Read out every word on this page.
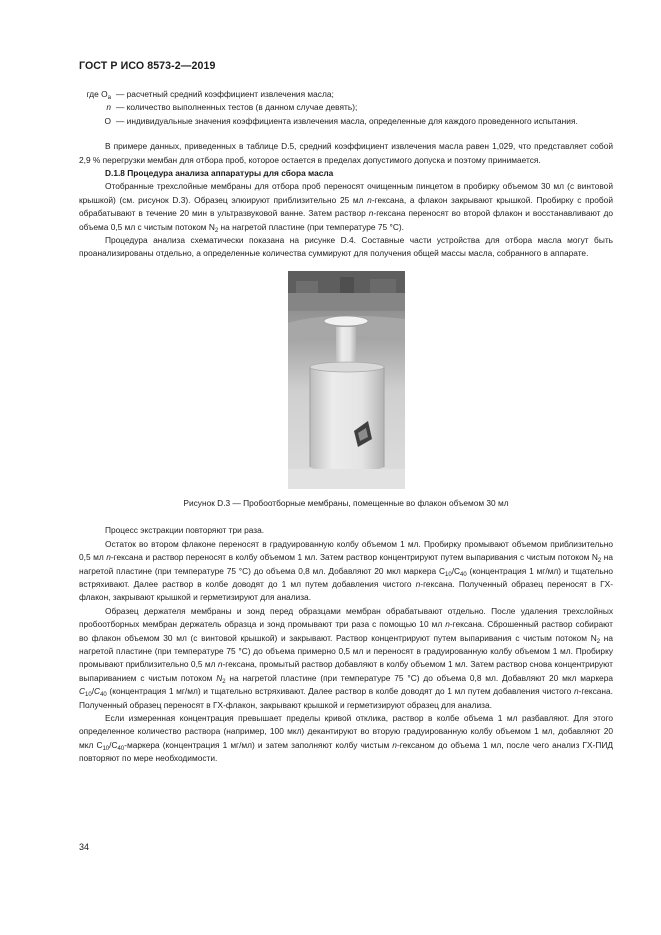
ГОСТ Р ИСО 8573-2—2019
где $O_a$ — расчетный средний коэффициент извлечения масла;
n — количество выполненных тестов (в данном случае девять);
O — индивидуальные значения коэффициента извлечения масла, определенные для каждого проведенного испытания.

В примере данных, приведенных в таблице D.5, средний коэффициент извлечения масла равен 1,029, что представляет собой 2,9 % перегрузки мембан для отбора проб, которое остается в пределах допустимого допуска и поэтому принимается.

D.1.8 Процедура анализа аппаратуры для сбора масла

Отобранные трехслойные мембраны для отбора проб переносят очищенным пинцетом в пробирку объемом 30 мл (с винтовой крышкой) (см. рисунок D.3). Образец элюируют приблизительно 25 мл n-гексана, а флакон закрывают крышкой. Пробирку с пробой обрабатывают в течение 20 мин в ультразвуковой ванне. Затем раствор n-гексана переносят во второй флакон и восстанавливают до объема 0,5 мл с чистым потоком $N_2$ на нагретой пластине (при температуре 75 °С).

Процедура анализа схематически показана на рисунке D.4. Составные части устройства для отбора масла могут быть проанализированы отдельно, а определенные количества суммируют для получения общей массы масла, собранного в аппарате.

Рисунок D.3 — Пробоотборные мембраны, помещенные во флакон объемом 30 мл

Процесс экстракции повторяют три раза.

Остаток во втором флаконе переносят в градуированную колбу объемом 1 мл. Пробирку промывают объемом приблизительно 0,5 мл n-гексана и раствор переносят в колбу объемом 1 мл. Затем раствор концентрируют путем выпаривания с чистым потоком $N_2$ на нагретой пластине (при температуре 75 °С) до объема 0,8 мл. Добавляют 20 мкл маркера $C_{10}/C_{40}$ (концентрация 1 мг/мл) и тщательно встряхивают. Далее раствор в колбе доводят до 1 мл путем добавления чистого n-гексана. Полученный образец переносят в ГХ-флакон, закрывают крышкой и герметизируют для анализа.

Образец держателя мембраны и зонд перед образцами мембран обрабатывают отдельно. После удаления трехслойных пробоотборных мембран держатель образца и зонд промывают три раза с помощью 10 мл n-гексана. Сброшенный раствор собирают во флакон объемом 30 мл (с винтовой крышкой) и закрывают. Раствор концентрируют путем выпаривания с чистым потоком $N_2$ на нагретой пластине (при температуре 75 °С) до объема примерно 0,5 мл и переносят в градуированную колбу объемом 1 мл. Пробирку промывают приблизительно 0,5 мл n-гексана, промытый раствор добавляют в колбу объемом 1 мл. Затем раствор снова концентрируют выпариванием с чистым потоком $N_2$ на нагретой пластине (при температуре 75 °С) до объема 0,8 мл. Добавляют 20 мкл маркера $C_{10}/C_{40}$ (концентрация 1 мг/мл) и тщательно встряхивают. Далее раствор в колбе доводят до 1 мл путем добавления чистого n-гексана. Полученный образец переносят в ГХ-флакон, закрывают крышкой и герметизируют образец для анализа.

Если измеренная концентрация превышает пределы кривой отклика, раствор в колбе объема 1 мл разбавляют. Для этого определенное количество раствора (например, 100 мкл) декантируют во вторую градуированную колбу объемом 1 мл, добавляют 20 мкл $C_{10}/C_{40}$-маркера (концентрация 1 мг/мл) и затем заполняют колбу чистым n-гексаном до объема 1 мл, после чего анализ ГХ-ПИД повторяют по мере необходимости.

34
